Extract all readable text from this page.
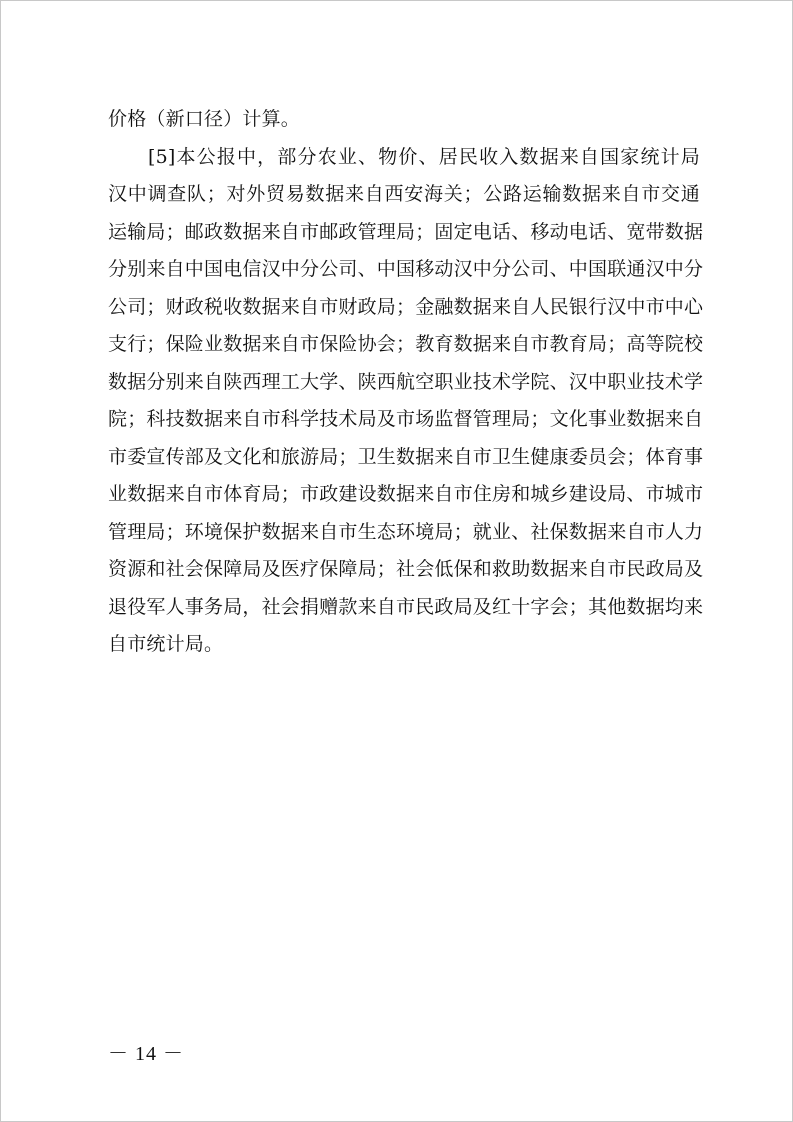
价格（新口径）计算。
[5]本公报中，部分农业、物价、居民收入数据来自国家统计局
汉中调查队；对外贸易数据来自西安海关；公路运输数据来自市交通
运输局；邮政数据来自市邮政管理局；固定电话、移动电话、宽带数据
分别来自中国电信汉中分公司、中国移动汉中分公司、中国联通汉中分
公司；财政税收数据来自市财政局；金融数据来自人民银行汉中市中心
支行；保险业数据来自市保险协会；教育数据来自市教育局；高等院校
数据分别来自陕西理工大学、陕西航空职业技术学院、汉中职业技术学
院；科技数据来自市科学技术局及市场监督管理局；文化事业数据来自
市委宣传部及文化和旅游局；卫生数据来自市卫生健康委员会；体育事
业数据来自市体育局；市政建设数据来自市住房和城乡建设局、市城市
管理局；环境保护数据来自市生态环境局；就业、社保数据来自市人力
资源和社会保障局及医疗保障局；社会低保和救助数据来自市民政局及
退役军人事务局，社会捐赠款来自市民政局及红十字会；其他数据均来
自市统计局。
－ 14 －
